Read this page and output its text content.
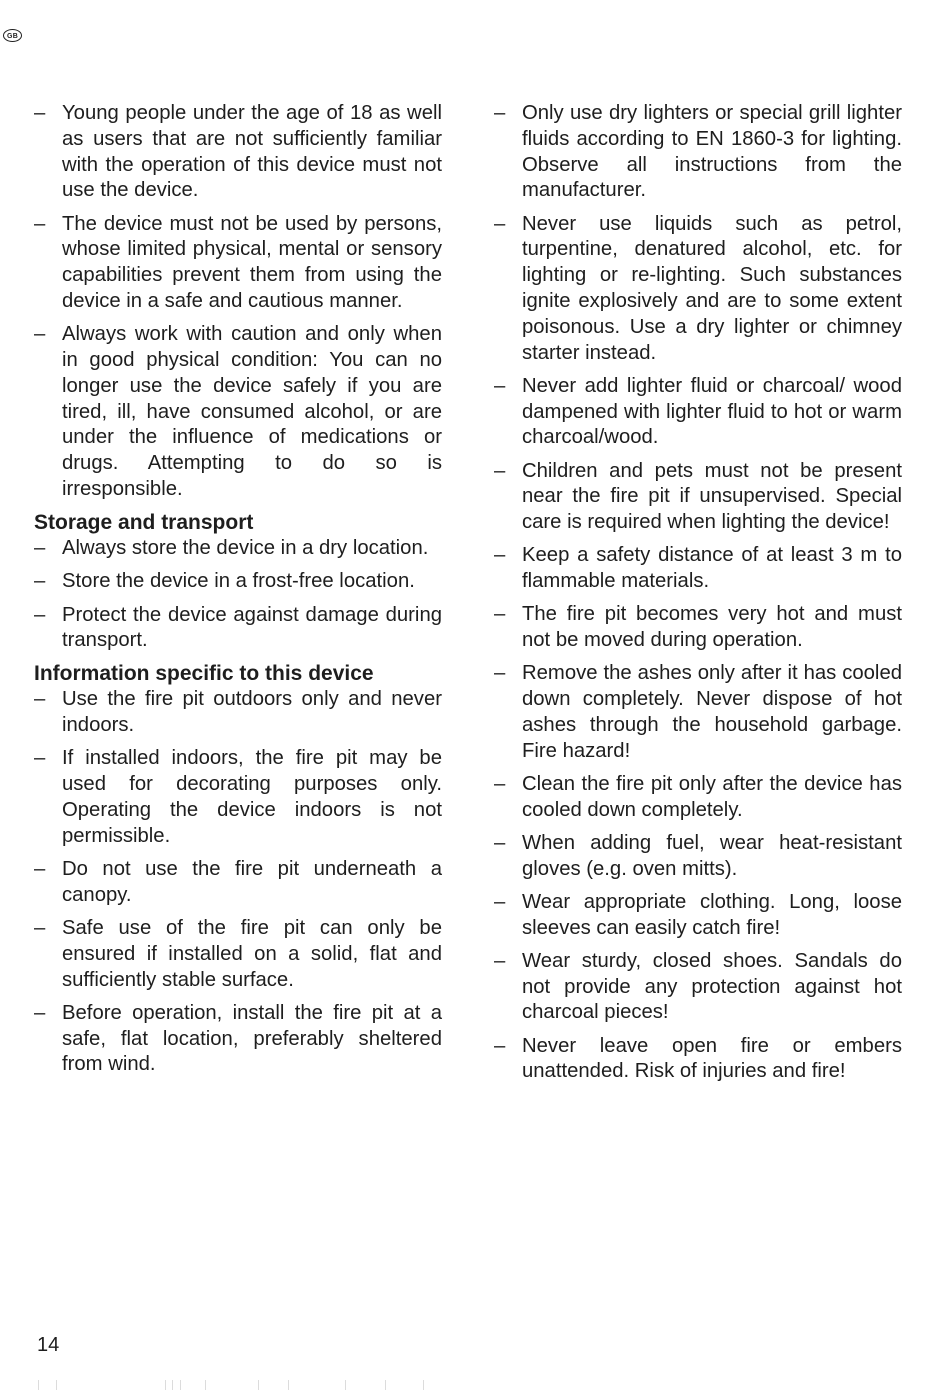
GB
– Young people under the age of 18 as well as users that are not sufficiently familiar with the operation of this device must not use the device.
– The device must not be used by persons, whose limited physical, mental or sensory capabilities prevent them from using the device in a safe and cautious manner.
– Always work with caution and only when in good physical condition: You can no longer use the device safely if you are tired, ill, have consumed alcohol, or are under the influence of medications or drugs. Attempting to do so is irresponsible.
Storage and transport
– Always store the device in a dry location.
– Store the device in a frost-free location.
– Protect the device against damage during transport.
Information specific to this device
– Use the fire pit outdoors only and never indoors.
– If installed indoors, the fire pit may be used for decorating purposes only. Operating the device indoors is not permissible.
– Do not use the fire pit underneath a canopy.
– Safe use of the fire pit can only be ensured if installed on a solid, flat and sufficiently stable surface.
– Before operation, install the fire pit at a safe, flat location, preferably sheltered from wind.
– Only use dry lighters or special grill lighter fluids according to EN 1860-3 for lighting. Observe all instructions from the manufacturer.
– Never use liquids such as petrol, turpentine, denatured alcohol, etc. for lighting or re-lighting. Such substances ignite explosively and are to some extent poisonous. Use a dry lighter or chimney starter instead.
– Never add lighter fluid or charcoal/ wood dampened with lighter fluid to hot or warm charcoal/wood.
– Children and pets must not be present near the fire pit if unsupervised. Special care is required when lighting the device!
– Keep a safety distance of at least 3 m to flammable materials.
– The fire pit becomes very hot and must not be moved during operation.
– Remove the ashes only after it has cooled down completely. Never dispose of hot ashes through the household garbage. Fire hazard!
– Clean the fire pit only after the device has cooled down completely.
– When adding fuel, wear heat-resistant gloves (e.g. oven mitts).
– Wear appropriate clothing. Long, loose sleeves can easily catch fire!
– Wear sturdy, closed shoes. Sandals do not provide any protection against hot charcoal pieces!
– Never leave open fire or embers unattended. Risk of injuries and fire!
14
